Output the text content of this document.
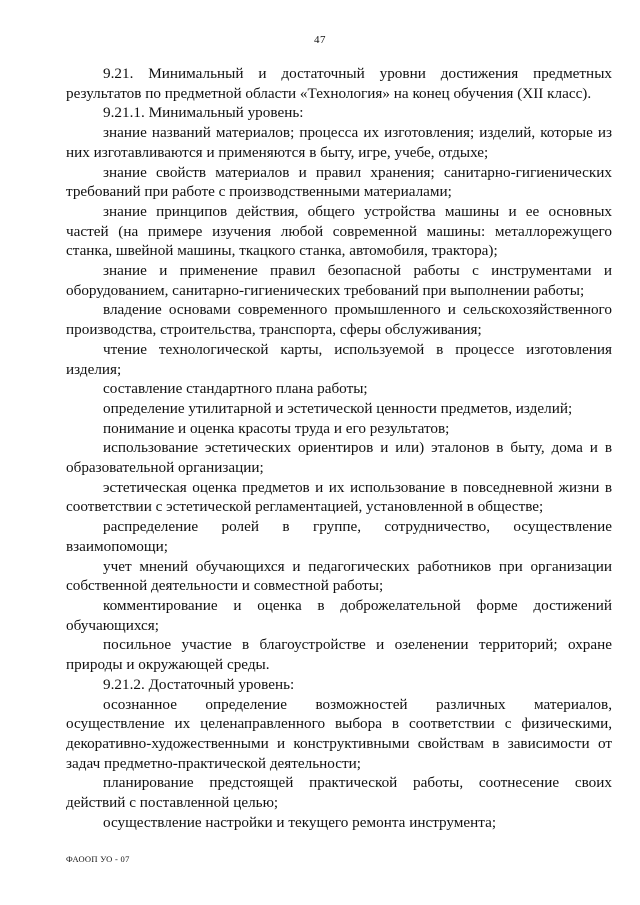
47

9.21. Минимальный и достаточный уровни достижения предметных результатов по предметной области «Технология» на конец обучения (XII класс).

9.21.1. Минимальный уровень:

знание названий материалов; процесса их изготовления; изделий, которые из них изготавливаются и применяются в быту, игре, учебе, отдыхе;

знание свойств материалов и правил хранения; санитарно-гигиенических требований при работе с производственными материалами;

знание принципов действия, общего устройства машины и ее основных частей (на примере изучения любой современной машины: металлорежущего станка, швейной машины, ткацкого станка, автомобиля, трактора);

знание и применение правил безопасной работы с инструментами и оборудованием, санитарно-гигиенических требований при выполнении работы;

владение основами современного промышленного и сельскохозяйственного производства, строительства, транспорта, сферы обслуживания;

чтение технологической карты, используемой в процессе изготовления изделия;

составление стандартного плана работы;

определение утилитарной и эстетической ценности предметов, изделий;

понимание и оценка красоты труда и его результатов;

использование эстетических ориентиров и или) эталонов в быту, дома и в образовательной организации;

эстетическая оценка предметов и их использование в повседневной жизни в соответствии с эстетической регламентацией, установленной в обществе;

распределение ролей в группе, сотрудничество, осуществление взаимопомощи;

учет мнений обучающихся и педагогических работников при организации собственной деятельности и совместной работы;

комментирование и оценка в доброжелательной форме достижений обучающихся;

посильное участие в благоустройстве и озеленении территорий; охране природы и окружающей среды.

9.21.2. Достаточный уровень:

осознанное определение возможностей различных материалов, осуществление их целенаправленного выбора в соответствии с физическими, декоративно-художественными и конструктивными свойствам в зависимости от задач предметно-практической деятельности;

планирование предстоящей практической работы, соотнесение своих действий с поставленной целью;

осуществление настройки и текущего ремонта инструмента;

ФАООП УО - 07
